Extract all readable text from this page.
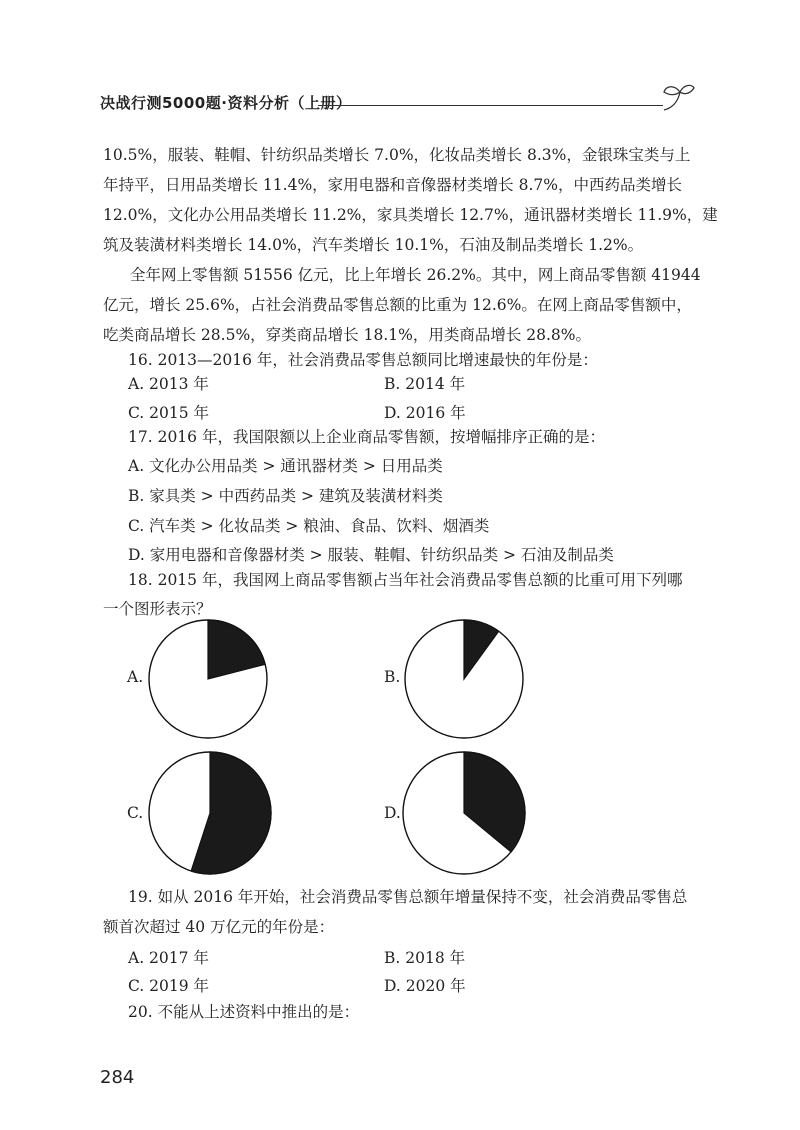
决战行测5000题·资料分析（上册）
10.5%，服装、鞋帽、针纺织品类增长 7.0%，化妆品类增长 8.3%，金银珠宝类与上
年持平，日用品类增长 11.4%，家用电器和音像器材类增长 8.7%，中西药品类增长
12.0%，文化办公用品类增长 11.2%，家具类增长 12.7%，通讯器材类增长 11.9%，建
筑及装潢材料类增长 14.0%，汽车类增长 10.1%，石油及制品类增长 1.2%。
全年网上零售额 51556 亿元，比上年增长 26.2%。其中，网上商品零售额 41944
亿元，增长 25.6%，占社会消费品零售总额的比重为 12.6%。在网上商品零售额中，
吃类商品增长 28.5%，穿类商品增长 18.1%，用类商品增长 28.8%。
16. 2013—2016 年，社会消费品零售总额同比增速最快的年份是：
A. 2013 年	B. 2014 年
C. 2015 年	D. 2016 年
17. 2016 年，我国限额以上企业商品零售额，按增幅排序正确的是：
A. 文化办公用品类 > 通讯器材类 > 日用品类
B. 家具类 > 中西药品类 > 建筑及装潢材料类
C. 汽车类 > 化妆品类 > 粮油、食品、饮料、烟酒类
D. 家用电器和音像器材类 > 服装、鞋帽、针纺织品类 > 石油及制品类
18. 2015 年，我国网上商品零售额占当年社会消费品零售总额的比重可用下列哪
一个图形表示？
A.	B.
C.	D.
19. 如从 2016 年开始，社会消费品零售总额年增量保持不变，社会消费品零售总
额首次超过 40 万亿元的年份是：
A. 2017 年	B. 2018 年
C. 2019 年	D. 2020 年
20. 不能从上述资料中推出的是：
284
